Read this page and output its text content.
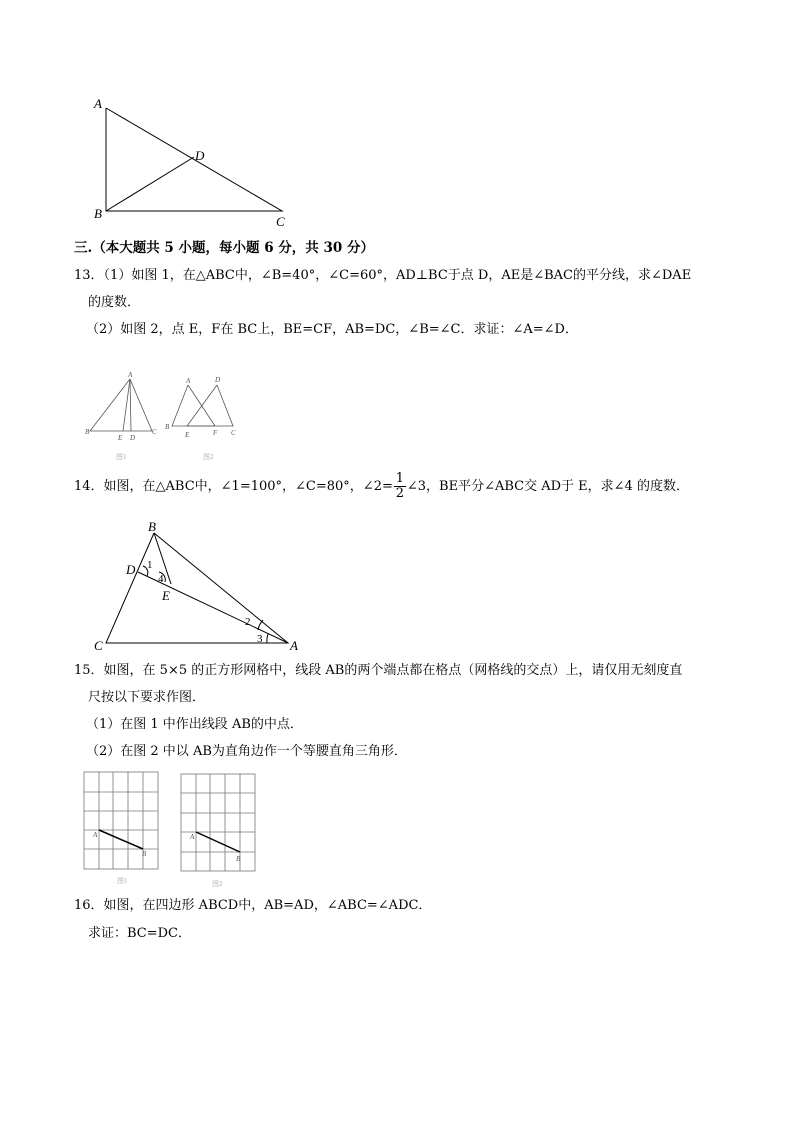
A
B
C
D
A
B	C
E D
图1
A	D
B
E	F C
图2
B
D
E
C	A
1
4
2
3
A
B
图1
A
B
图2
三.（本大题共 5 小题，每小题 6 分，共 30 分）
13．（1）如图 1，在△ABC中，∠B=40°，∠C=60°，AD⊥BC于点 D，AE是∠BAC的平分线，求∠DAE
的度数．
（2）如图 2，点 E，F在 BC上，BE=CF，AB=DC，∠B=∠C．求证：∠A=∠D．
14．如图，在△ABC中，∠1=100°，∠C=80°，∠2= $\frac{1}{2}$ ∠3，BE平分∠ABC交 AD于 E，求∠4 的度数．
15．如图，在 5×5 的正方形网格中，线段 AB的两个端点都在格点（网格线的交点）上，请仅用无刻度直
尺按以下要求作图．
（1）在图 1 中作出线段 AB的中点．
（2）在图 2 中以 AB为直角边作一个等腰直角三角形．
16．如图，在四边形 ABCD中，AB=AD，∠ABC=∠ADC．
求证：BC=DC．
